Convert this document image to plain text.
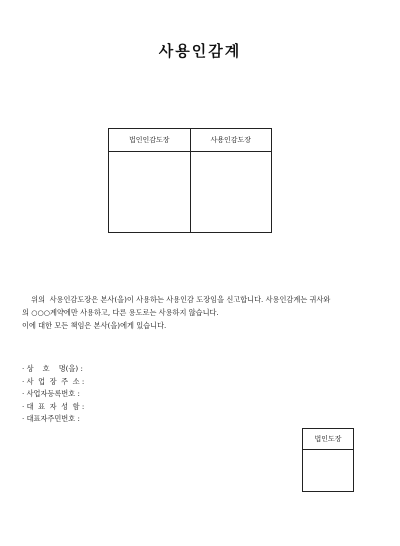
사용인감계
법인인감도장	사용인감도장

위의  사용인감도장은 본사(을)이 사용하는 사용인감 도장임을 신고합니다. 사용인감계는 귀사와
의 ○○○계약에만 사용하고, 다른 용도로는 사용하지 않습니다.
이에 대한 모든 책임은 본사(을)에게 있습니다.
· 상    호    명(을) :
· 사  업  장  주  소 :
· 사업자등록번호 :
· 대  표  자  성  함 :
· 대표자주민번호 :
법인도장
